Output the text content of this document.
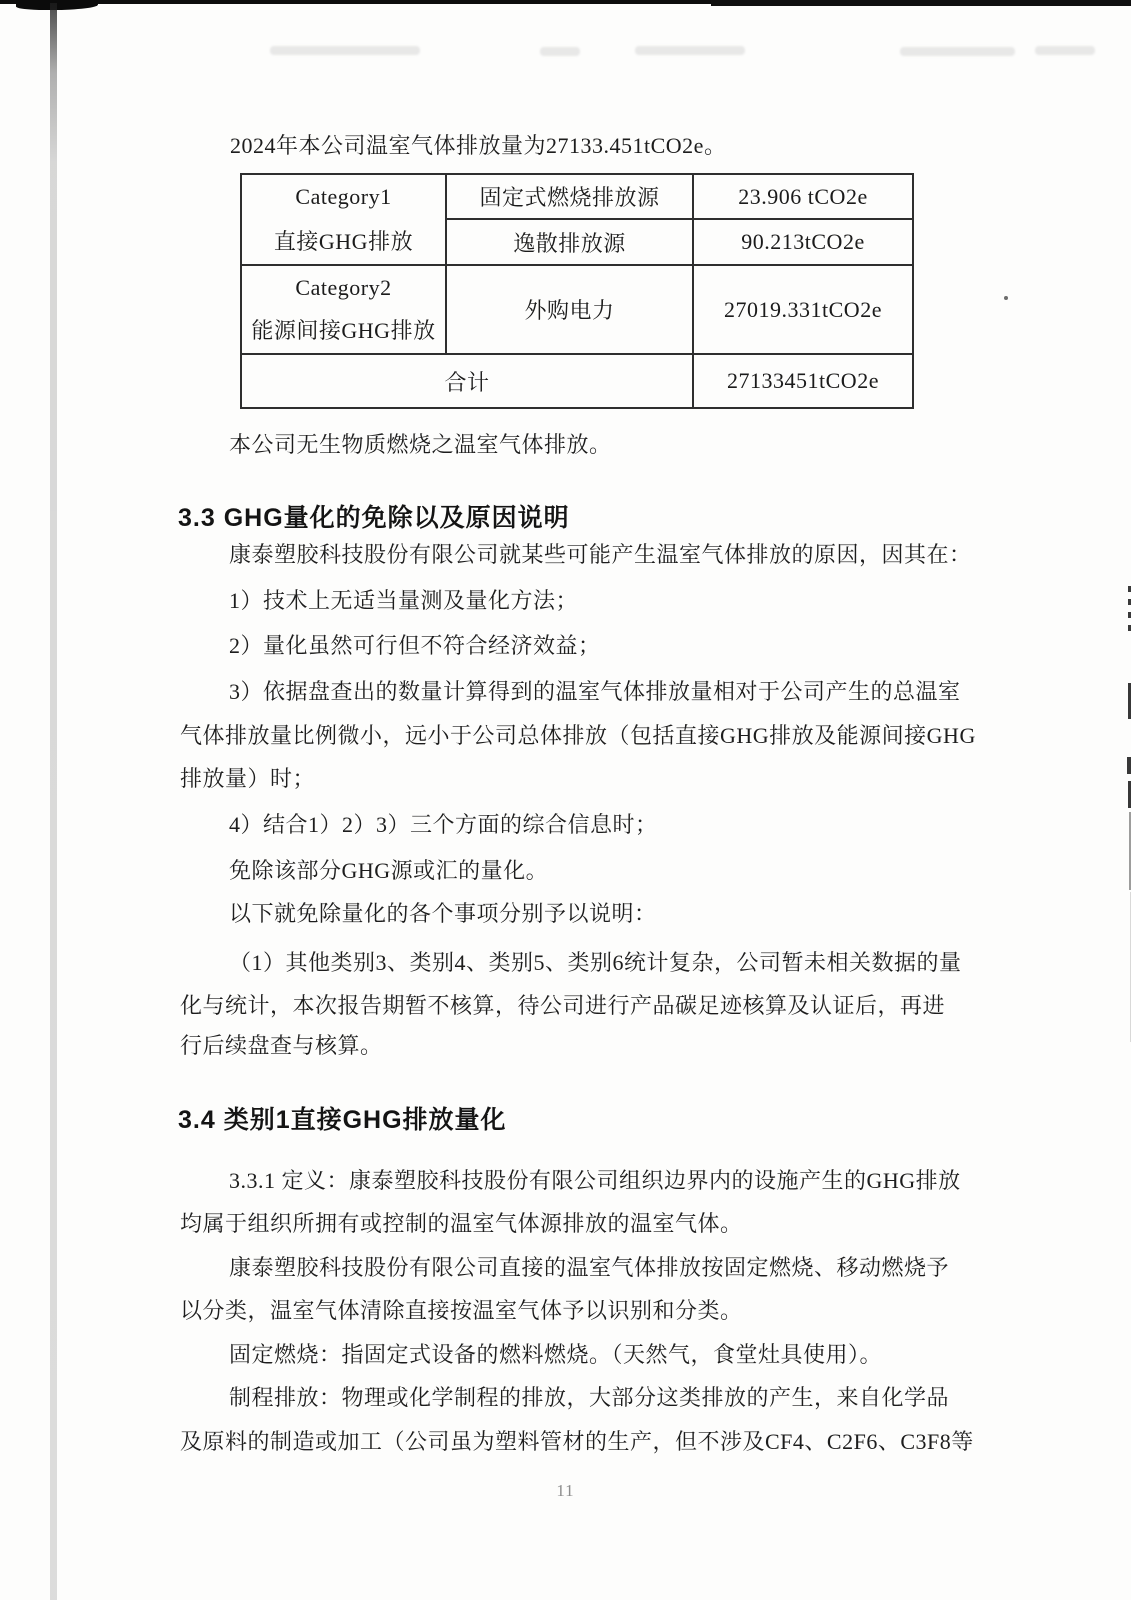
2024年本公司温室气体排放量为27133.451tCO2e。
Category1
直接GHG排放	固定式燃烧排放源	23.906 tCO2e
	逸散排放源	90.213tCO2e

Category2
能源间接GHG排放	外购电力	27019.331tCO2e
合计		27133451tCO2e
本公司无生物质燃烧之温室气体排放。
3.3 GHG量化的免除以及原因说明
康泰塑胶科技股份有限公司就某些可能产生温室气体排放的原因，因其在：
1）技术上无适当量测及量化方法；
2）量化虽然可行但不符合经济效益；
3）依据盘查出的数量计算得到的温室气体排放量相对于公司产生的总温室
气体排放量比例微小，远小于公司总体排放（包括直接GHG排放及能源间接GHG
排放量）时；
4）结合1）2）3）三个方面的综合信息时；
免除该部分GHG源或汇的量化。
以下就免除量化的各个事项分别予以说明：
（1）其他类别3、类别4、类别5、类别6统计复杂，公司暂未相关数据的量
化与统计，本次报告期暂不核算，待公司进行产品碳足迹核算及认证后，再进
行后续盘查与核算。
3.4 类别1直接GHG排放量化
3.3.1 定义：康泰塑胶科技股份有限公司组织边界内的设施产生的GHG排放
均属于组织所拥有或控制的温室气体源排放的温室气体。
康泰塑胶科技股份有限公司直接的温室气体排放按固定燃烧、移动燃烧予
以分类，温室气体清除直接按温室气体予以识别和分类。
固定燃烧：指固定式设备的燃料燃烧。（天然气，食堂灶具使用）。
制程排放：物理或化学制程的排放，大部分这类排放的产生，来自化学品
及原料的制造或加工（公司虽为塑料管材的生产，但不涉及CF4、C2F6、C3F8等
11
